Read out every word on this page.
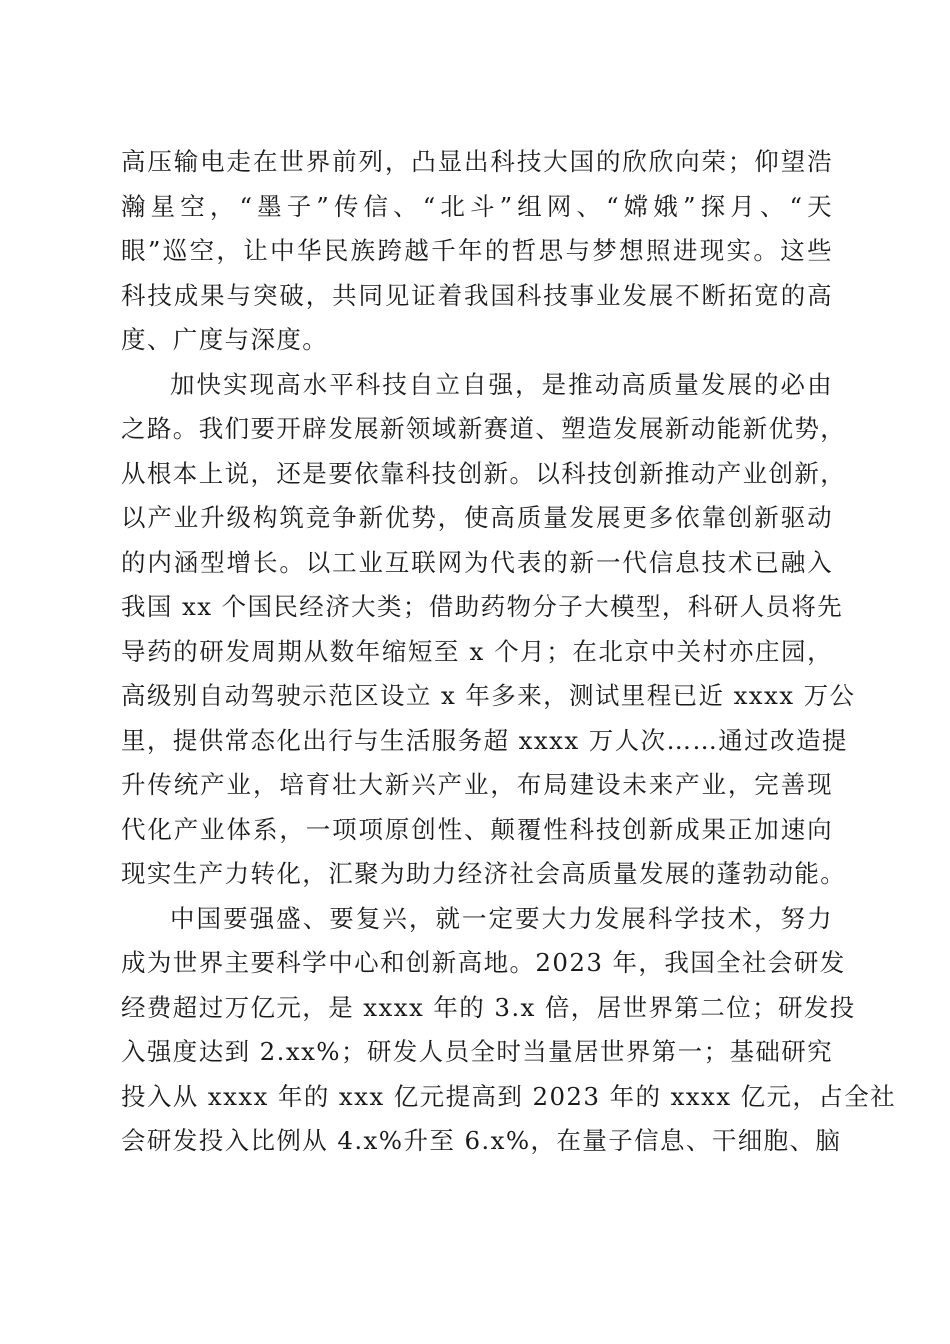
高压输电走在世界前列，凸显出科技大国的欣欣向荣；仰望浩
瀚星空，“墨子”传信、“北斗”组网、“嫦娥”探月、“天
眼”巡空，让中华民族跨越千年的哲思与梦想照进现实。这些
科技成果与突破，共同见证着我国科技事业发展不断拓宽的高
度、广度与深度。
加快实现高水平科技自立自强，是推动高质量发展的必由
之路。我们要开辟发展新领域新赛道、塑造发展新动能新优势，
从根本上说，还是要依靠科技创新。以科技创新推动产业创新，
以产业升级构筑竞争新优势，使高质量发展更多依靠创新驱动
的内涵型增长。以工业互联网为代表的新一代信息技术已融入
我国 xx 个国民经济大类；借助药物分子大模型，科研人员将先
导药的研发周期从数年缩短至 x 个月；在北京中关村亦庄园，
高级别自动驾驶示范区设立 x 年多来，测试里程已近 xxxx 万公
里，提供常态化出行与生活服务超 xxxx 万人次……通过改造提
升传统产业，培育壮大新兴产业，布局建设未来产业，完善现
代化产业体系，一项项原创性、颠覆性科技创新成果正加速向
现实生产力转化，汇聚为助力经济社会高质量发展的蓬勃动能。
中国要强盛、要复兴，就一定要大力发展科学技术，努力
成为世界主要科学中心和创新高地。2023 年，我国全社会研发
经费超过万亿元，是 xxxx 年的 3.x 倍，居世界第二位；研发投
入强度达到 2.xx%；研发人员全时当量居世界第一；基础研究
投入从 xxxx 年的 xxx 亿元提高到 2023 年的 xxxx 亿元，占全社
会研发投入比例从 4.x%升至 6.x%，在量子信息、干细胞、脑
